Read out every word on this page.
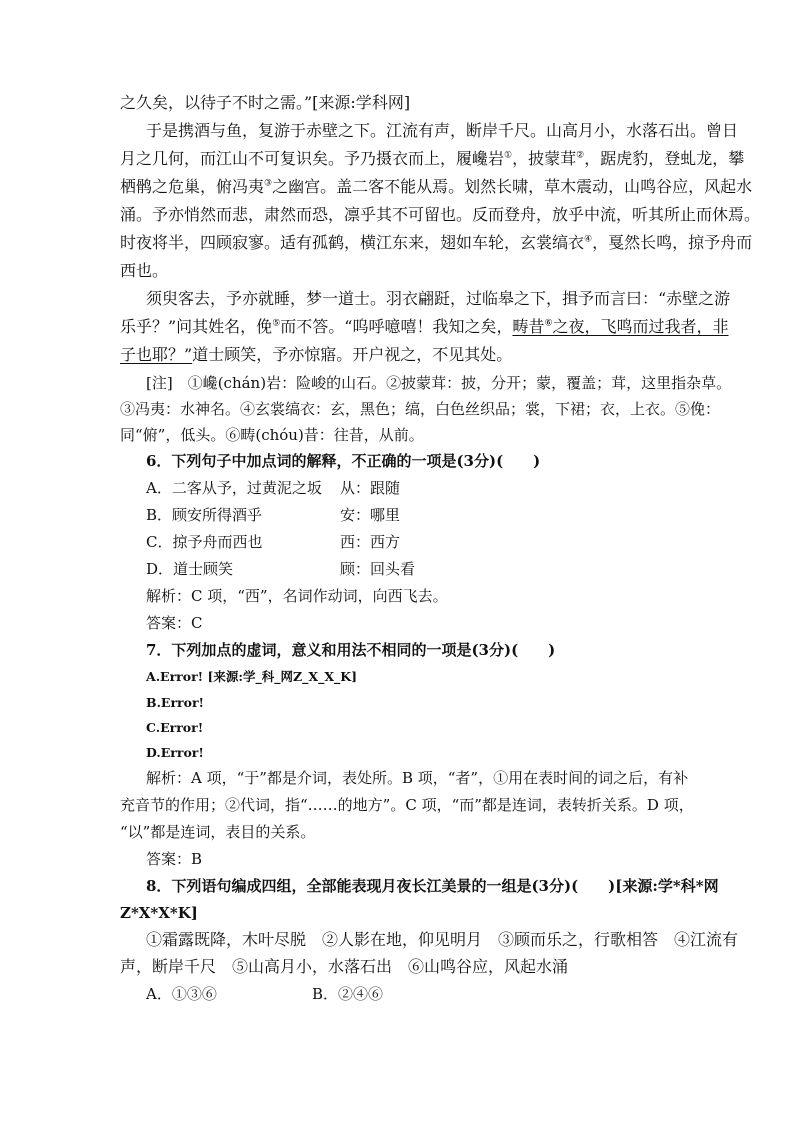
之久矣，以待子不时之需。”[来源:学科网]
于是携酒与鱼，复游于赤壁之下。江流有声，断岸千尺。山高月小，水落石出。曾日
月之几何，而江山不可复识矣。予乃摄衣而上，履巉岩①，披蒙茸②，踞虎豹，登虬龙，攀
栖鹘之危巢，俯冯夷③之幽宫。盖二客不能从焉。划然长啸，草木震动，山鸣谷应，风起水
涌。予亦悄然而悲，肃然而恐，凛乎其不可留也。反而登舟，放乎中流，听其所止而休焉。
时夜将半，四顾寂寥。适有孤鹤，横江东来，翅如车轮，玄裳缟衣④，戛然长鸣，掠予舟而
西也。
须臾客去，予亦就睡，梦一道士。羽衣翩跹，过临皋之下，揖予而言曰：“赤壁之游
乐乎？”问其姓名，俛⑤而不答。“呜呼噫嘻！我知之矣，畴昔⑥之夜，飞鸣而过我者，非
子也耶？”道士顾笑，予亦惊寤。开户视之，不见其处。
[注]　①巉(chán)岩：险峻的山石。②披蒙茸：披，分开；蒙，覆盖；茸，这里指杂草。
③冯夷：水神名。④玄裳缟衣：玄，黑色；缟，白色丝织品；裳，下裙；衣，上衣。⑤俛：
同“俯”，低头。⑥畴(chóu)昔：往昔，从前。
6．下列句子中加点词的解释，不正确的一项是(3分)(　　)
A．二客从予，过黄泥之坂 从：跟随
B．顾安所得酒乎	安：哪里
C．掠予舟而西也	西：西方
D．道士顾笑	顾：回头看
解析：C 项，“西”，名词作动词，向西飞去。
答案：C
7．下列加点的虚词，意义和用法不相同的一项是(3分)(　　)
A.Error! [来源:学_科_网Z_X_X_K]
B.Error!
C.Error!
D.Error!
解析：A 项，“于”都是介词，表处所。B 项，“者”，①用在表时间的词之后，有补
充音节的作用；②代词，指“……的地方”。C 项，“而”都是连词，表转折关系。D 项，
“以”都是连词，表目的关系。
答案：B
8．下列语句编成四组，全部能表现月夜长江美景的一组是(3分)(　　)[来源:学*科*网
Z*X*X*K]
①霜露既降，木叶尽脱　②人影在地，仰见明月　③顾而乐之，行歌相答　④江流有
声，断岸千尺　⑤山高月小，水落石出　⑥山鸣谷应，风起水涌
A．①③⑥	B．②④⑥
